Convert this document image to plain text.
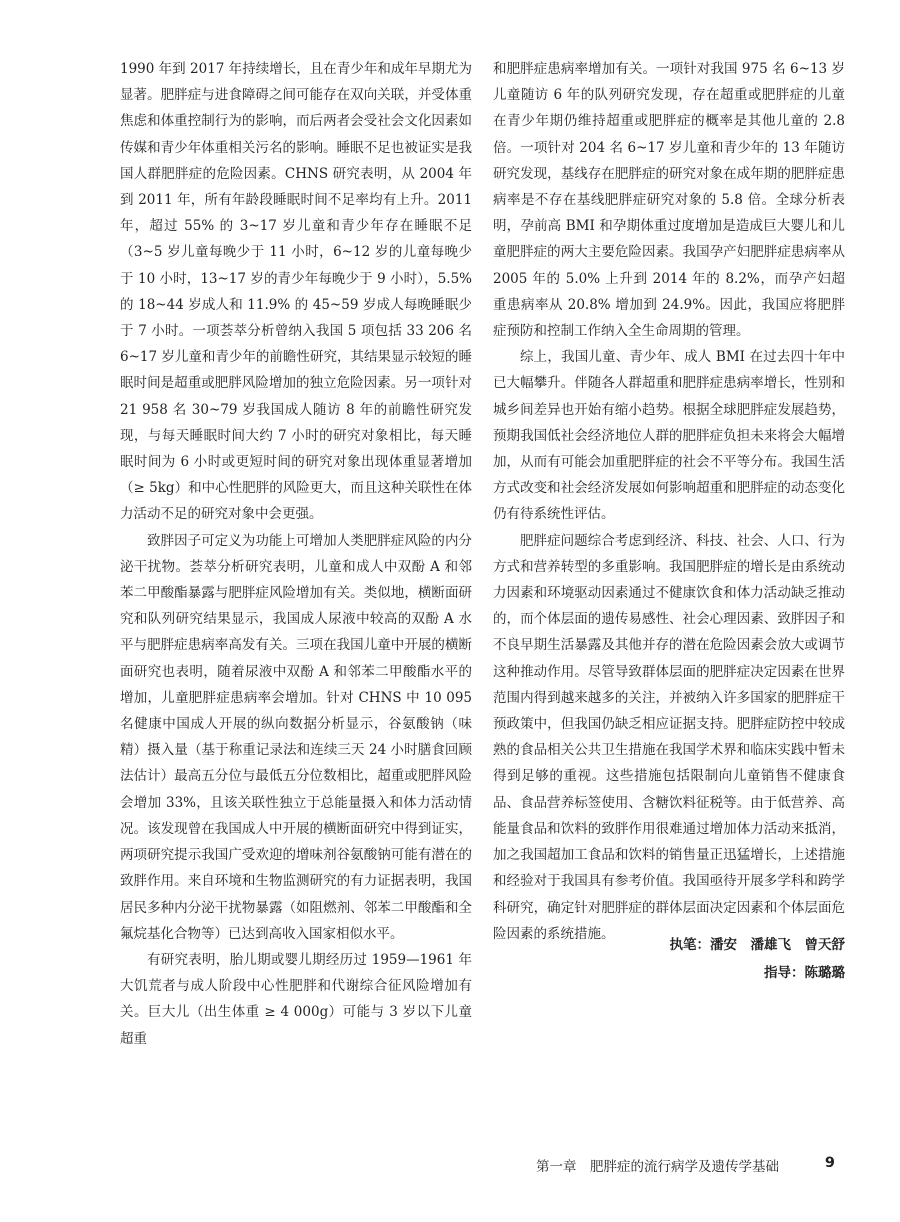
1990 年到 2017 年持续增长，且在青少年和成年早期尤为显著。肥胖症与进食障碍之间可能存在双向关联，并受体重焦虑和体重控制行为的影响，而后两者会受社会文化因素如传媒和青少年体重相关污名的影响。睡眠不足也被证实是我国人群肥胖症的危险因素。CHNS 研究表明，从 2004 年到 2011 年，所有年龄段睡眠时间不足率均有上升。2011 年，超过 55% 的 3~17 岁儿童和青少年存在睡眠不足（3~5 岁儿童每晚少于 11 小时，6~12 岁的儿童每晚少于 10 小时，13~17 岁的青少年每晚少于 9 小时），5.5% 的 18~44 岁成人和 11.9% 的 45~59 岁成人每晚睡眠少于 7 小时。一项荟萃分析曾纳入我国 5 项包括 33 206 名 6~17 岁儿童和青少年的前瞻性研究，其结果显示较短的睡眠时间是超重或肥胖风险增加的独立危险因素。另一项针对 21 958 名 30~79 岁我国成人随访 8 年的前瞻性研究发现，与每天睡眠时间大约 7 小时的研究对象相比，每天睡眠时间为 6 小时或更短时间的研究对象出现体重显著增加（≥ 5kg）和中心性肥胖的风险更大，而且这种关联性在体力活动不足的研究对象中会更强。

致胖因子可定义为功能上可增加人类肥胖症风险的内分泌干扰物。荟萃分析研究表明，儿童和成人中双酚 A 和邻苯二甲酸酯暴露与肥胖症风险增加有关。类似地，横断面研究和队列研究结果显示，我国成人尿液中较高的双酚 A 水平与肥胖症患病率高发有关。三项在我国儿童中开展的横断面研究也表明，随着尿液中双酚 A 和邻苯二甲酸酯水平的增加，儿童肥胖症患病率会增加。针对 CHNS 中 10 095 名健康中国成人开展的纵向数据分析显示，谷氨酸钠（味精）摄入量（基于称重记录法和连续三天 24 小时膳食回顾法估计）最高五分位与最低五分位数相比，超重或肥胖风险会增加 33%，且该关联性独立于总能量摄入和体力活动情况。该发现曾在我国成人中开展的横断面研究中得到证实，两项研究提示我国广受欢迎的增味剂谷氨酸钠可能有潜在的致胖作用。来自环境和生物监测研究的有力证据表明，我国居民多种内分泌干扰物暴露（如阻燃剂、邻苯二甲酸酯和全氟烷基化合物等）已达到高收入国家相似水平。

有研究表明，胎儿期或婴儿期经历过 1959—1961 年大饥荒者与成人阶段中心性肥胖和代谢综合征风险增加有关。巨大儿（出生体重 ≥ 4 000g）可能与 3 岁以下儿童超重

和肥胖症患病率增加有关。一项针对我国 975 名 6~13 岁儿童随访 6 年的队列研究发现，存在超重或肥胖症的儿童在青少年期仍维持超重或肥胖症的概率是其他儿童的 2.8 倍。一项针对 204 名 6~17 岁儿童和青少年的 13 年随访研究发现，基线存在肥胖症的研究对象在成年期的肥胖症患病率是不存在基线肥胖症研究对象的 5.8 倍。全球分析表明，孕前高 BMI 和孕期体重过度增加是造成巨大婴儿和儿童肥胖症的两大主要危险因素。我国孕产妇肥胖症患病率从 2005 年的 5.0% 上升到 2014 年的 8.2%，而孕产妇超重患病率从 20.8% 增加到 24.9%。因此，我国应将肥胖症预防和控制工作纳入全生命周期的管理。

综上，我国儿童、青少年、成人 BMI 在过去四十年中已大幅攀升。伴随各人群超重和肥胖症患病率增长，性别和城乡间差异也开始有缩小趋势。根据全球肥胖症发展趋势，预期我国低社会经济地位人群的肥胖症负担未来将会大幅增加，从而有可能会加重肥胖症的社会不平等分布。我国生活方式改变和社会经济发展如何影响超重和肥胖症的动态变化仍有待系统性评估。

肥胖症问题综合考虑到经济、科技、社会、人口、行为方式和营养转型的多重影响。我国肥胖症的增长是由系统动力因素和环境驱动因素通过不健康饮食和体力活动缺乏推动的，而个体层面的遗传易感性、社会心理因素、致胖因子和不良早期生活暴露及其他并存的潜在危险因素会放大或调节这种推动作用。尽管导致群体层面的肥胖症决定因素在世界范围内得到越来越多的关注，并被纳入许多国家的肥胖症干预政策中，但我国仍缺乏相应证据支持。肥胖症防控中较成熟的食品相关公共卫生措施在我国学术界和临床实践中暂未得到足够的重视。这些措施包括限制向儿童销售不健康食品、食品营养标签使用、含糖饮料征税等。由于低营养、高能量食品和饮料的致胖作用很难通过增加体力活动来抵消，加之我国超加工食品和饮料的销售量正迅猛增长，上述措施和经验对于我国具有参考价值。我国亟待开展多学科和跨学科研究，确定针对肥胖症的群体层面决定因素和个体层面危险因素的系统措施。

执笔：潘安　潘雄飞　曾天舒
指导：陈璐璐
第一章　肥胖症的流行病学及遗传学基础	9
